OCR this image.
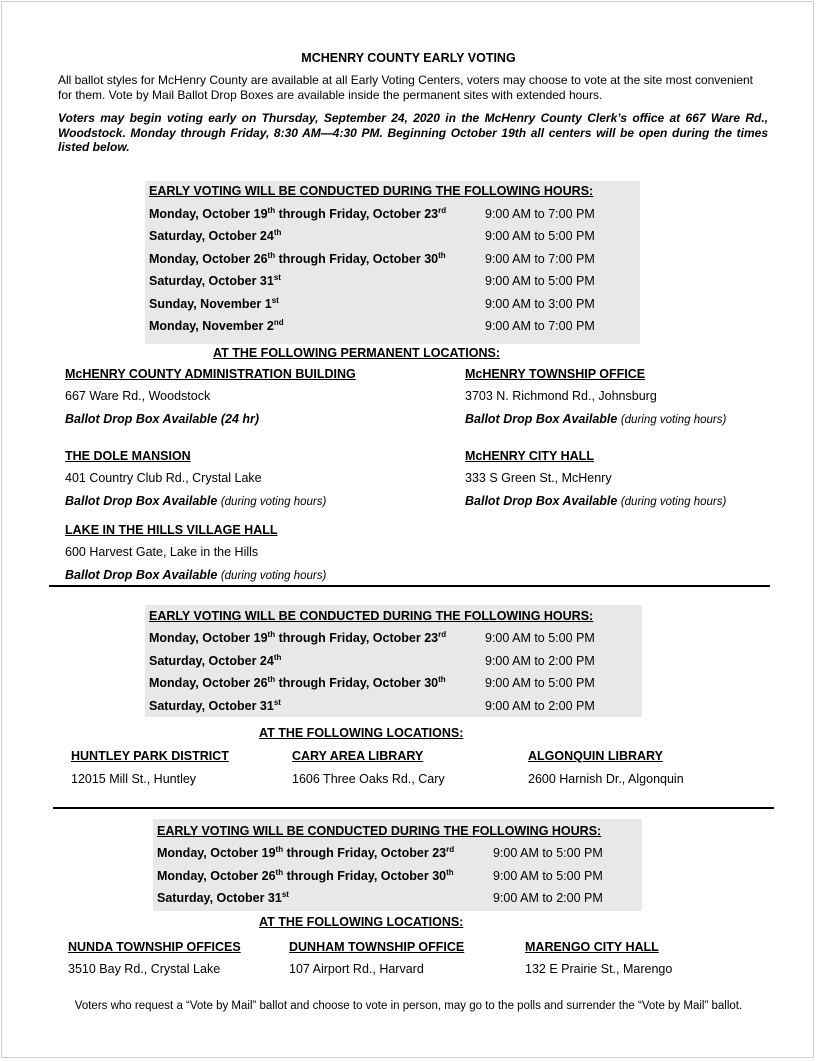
MCHENRY COUNTY EARLY VOTING
All ballot styles for McHenry County are available at all Early Voting Centers, voters may choose to vote at the site most convenient for them. Vote by Mail Ballot Drop Boxes are available inside the permanent sites with extended hours.
Voters may begin voting early on Thursday, September 24, 2020 in the McHenry County Clerk’s office at 667 Ware Rd., Woodstock. Monday through Friday, 8:30 AM—4:30 PM. Beginning October 19th all centers will be open during the times listed below.
EARLY VOTING WILL BE CONDUCTED DURING THE FOLLOWING HOURS:
Monday, October 19th through Friday, October 23rd	9:00 AM to 7:00 PM
Saturday, October 24th	9:00 AM to 5:00 PM
Monday, October 26th through Friday, October 30th	9:00 AM to 7:00 PM
Saturday, October 31st	9:00 AM to 5:00 PM
Sunday, November 1st	9:00 AM to 3:00 PM
Monday, November 2nd	9:00 AM to 7:00 PM
AT THE FOLLOWING PERMANENT LOCATIONS:
McHENRY COUNTY ADMINISTRATION BUILDING
667 Ware Rd., Woodstock
Ballot Drop Box Available (24 hr)
McHENRY TOWNSHIP OFFICE
3703 N. Richmond Rd., Johnsburg
Ballot Drop Box Available (during voting hours)
THE DOLE MANSION
401 Country Club Rd., Crystal Lake
Ballot Drop Box Available (during voting hours)
McHENRY CITY HALL
333 S Green St., McHenry
Ballot Drop Box Available (during voting hours)
LAKE IN THE HILLS VILLAGE HALL
600 Harvest Gate, Lake in the Hills
Ballot Drop Box Available (during voting hours)
EARLY VOTING WILL BE CONDUCTED DURING THE FOLLOWING HOURS:
Monday, October 19th through Friday, October 23rd	9:00 AM to 5:00 PM
Saturday, October 24th	9:00 AM to 2:00 PM
Monday, October 26th through Friday, October 30th	9:00 AM to 5:00 PM
Saturday, October 31st	9:00 AM to 2:00 PM
AT THE FOLLOWING LOCATIONS:
HUNTLEY PARK DISTRICT
12015 Mill St., Huntley
CARY AREA LIBRARY
1606 Three Oaks Rd., Cary
ALGONQUIN LIBRARY
2600 Harnish Dr., Algonquin
EARLY VOTING WILL BE CONDUCTED DURING THE FOLLOWING HOURS:
Monday, October 19th through Friday, October 23rd	9:00 AM to 5:00 PM
Monday, October 26th through Friday, October 30th	9:00 AM to 5:00 PM
Saturday, October 31st	9:00 AM to 2:00 PM
AT THE FOLLOWING LOCATIONS:
NUNDA TOWNSHIP OFFICES
3510 Bay Rd., Crystal Lake
DUNHAM TOWNSHIP OFFICE
107 Airport Rd., Harvard
MARENGO CITY HALL
132 E Prairie St., Marengo
Voters who request a “Vote by Mail” ballot and choose to vote in person, may go to the polls and surrender the “Vote by Mail” ballot.
